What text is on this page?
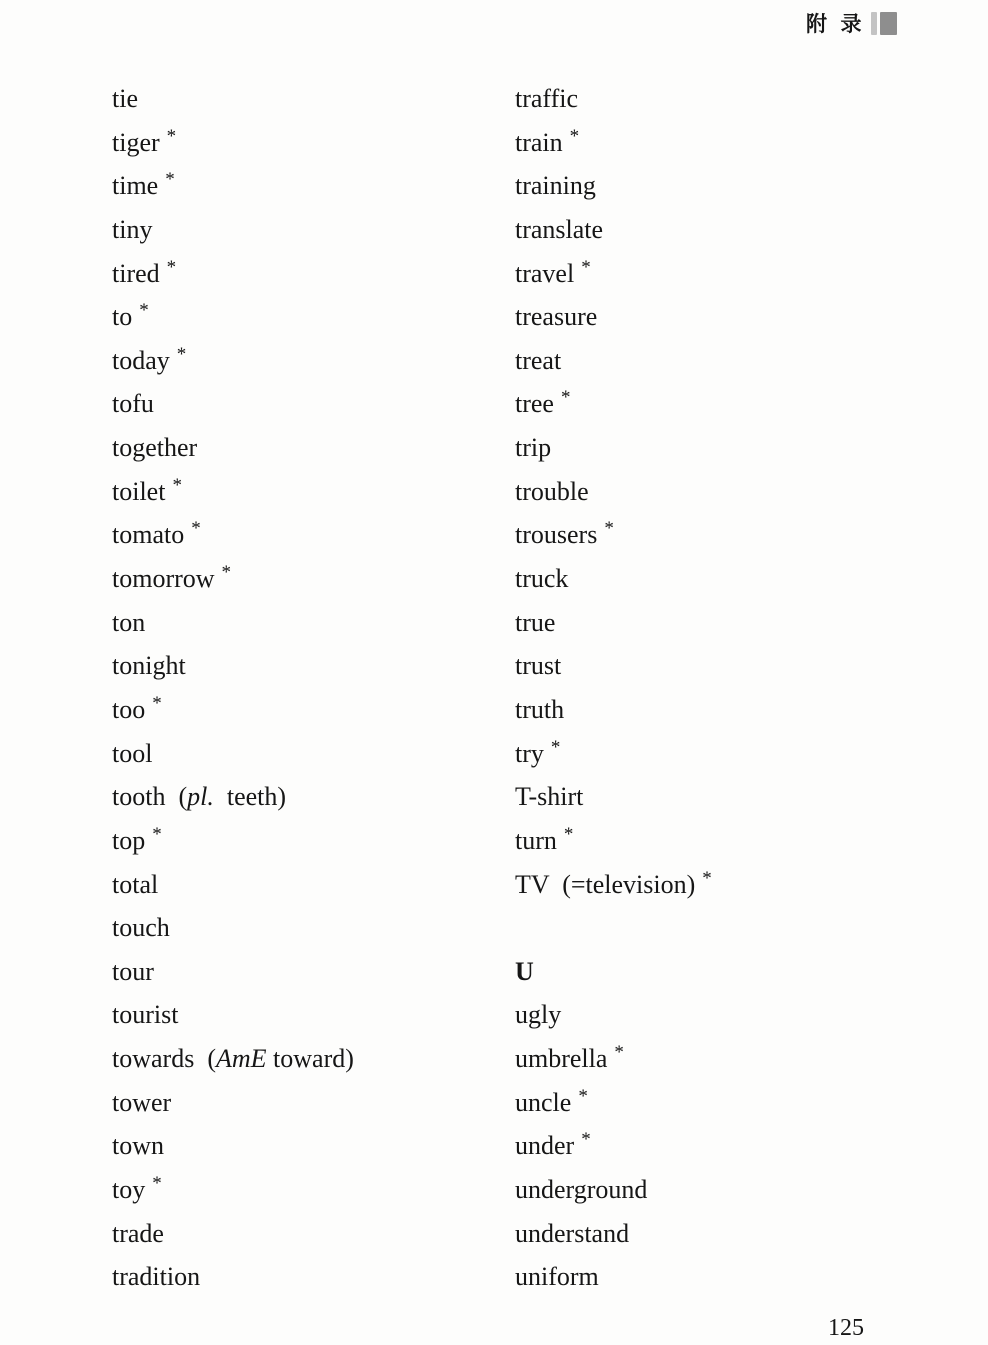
附  录
tie
tiger *
time *
tiny
tired *
to *
today *
tofu
together
toilet *
tomato *
tomorrow *
ton
tonight
too *
tool
tooth  (pl.  teeth)
top *
total
touch
tour
tourist
towards  (AmE toward)
tower
town
toy *
trade
tradition
traffic
train *
training
translate
travel *
treasure
treat
tree *
trip
trouble
trousers *
truck
true
trust
truth
try *
T-shirt
turn *
TV  (=television) *
U
ugly
umbrella *
uncle *
under *
underground
understand
uniform
125
